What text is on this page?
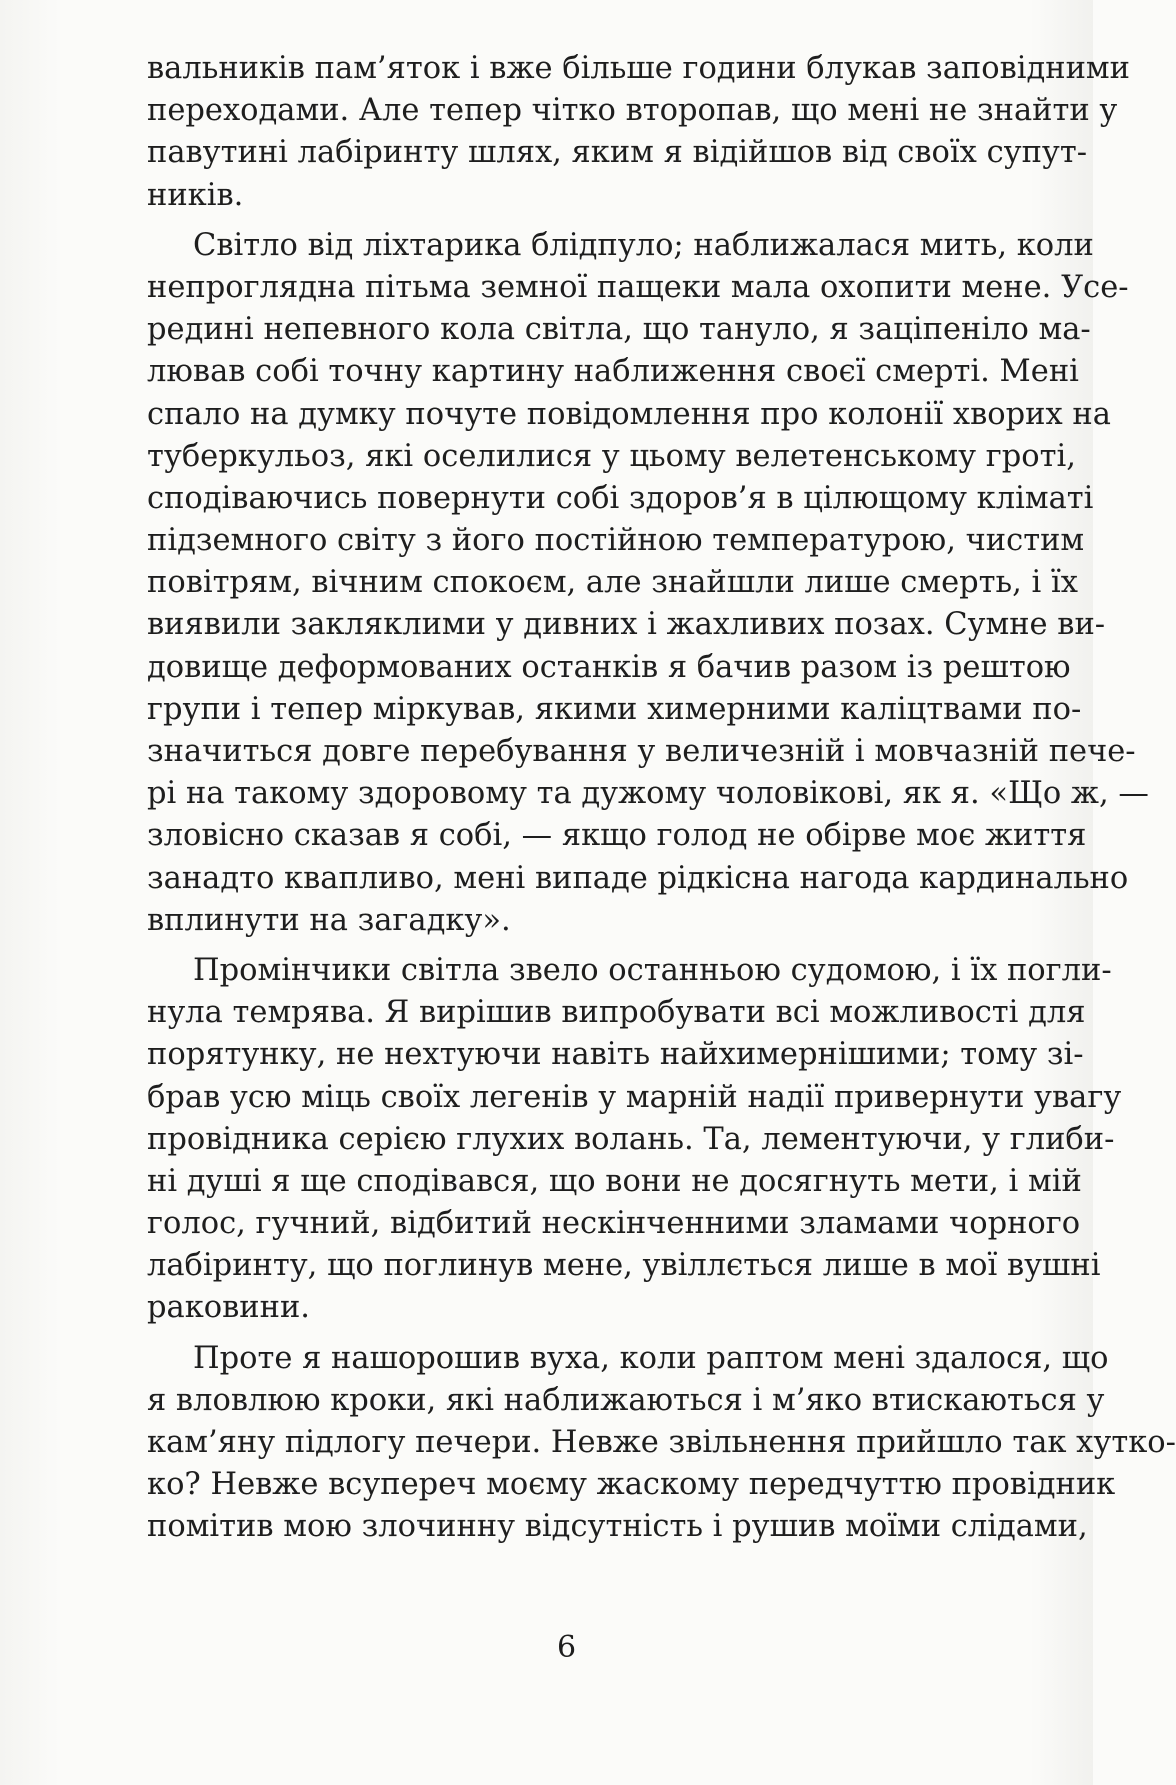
вальників пам’яток і вже більше години блукав заповідними
переходами. Але тепер чітко второпав, що мені не знайти у
павутині лабіринту шлях, яким я відійшов від своїх супут-
ників.
Світло від ліхтарика блідпуло; наближалася мить, коли
непроглядна пітьма земної пащеки мала охопити мене. Усе-
редині непевного кола світла, що тануло, я заціпеніло ма-
лював собі точну картину наближення своєї смерті. Мені
спало на думку почуте повідомлення про колонії хворих на
туберкульоз, які оселилися у цьому велетенському гроті,
сподіваючись повернути собі здоров’я в цілющому кліматі
підземного світу з його постійною температурою, чистим
повітрям, вічним спокоєм, але знайшли лише смерть, і їх
виявили закляклими у дивних і жахливих позах. Сумне ви-
довище деформованих останків я бачив разом із рештою
групи і тепер міркував, якими химерними каліцтвами по-
значиться довге перебування у величезній і мовчазній пече-
рі на такому здоровому та дужому чоловікові, як я. «Що ж, —
зловісно сказав я собі, — якщо голод не обірве моє життя
занадто квапливо, мені випаде рідкісна нагода кардинально
вплинути на загадку».
Промінчики світла звело останньою судомою, і їх погли-
нула темрява. Я вирішив випробувати всі можливості для
порятунку, не нехтуючи навіть найхимернішими; тому зі-
брав усю міць своїх легенів у марній надії привернути увагу
провідника серією глухих волань. Та, лементуючи, у глиби-
ні душі я ще сподівався, що вони не досягнуть мети, і мій
голос, гучний, відбитий нескінченними зламами чорного
лабіринту, що поглинув мене, увіллється лише в мої вушні
раковини.
Проте я нашорошив вуха, коли раптом мені здалося, що
я вловлюю кроки, які наближаються і м’яко втискаються у
кам’яну підлогу печери. Невже звільнення прийшло так хутко-
ко? Невже всупереч моєму жаскому передчуттю провідник
помітив мою злочинну відсутність і рушив моїми слідами,
6
